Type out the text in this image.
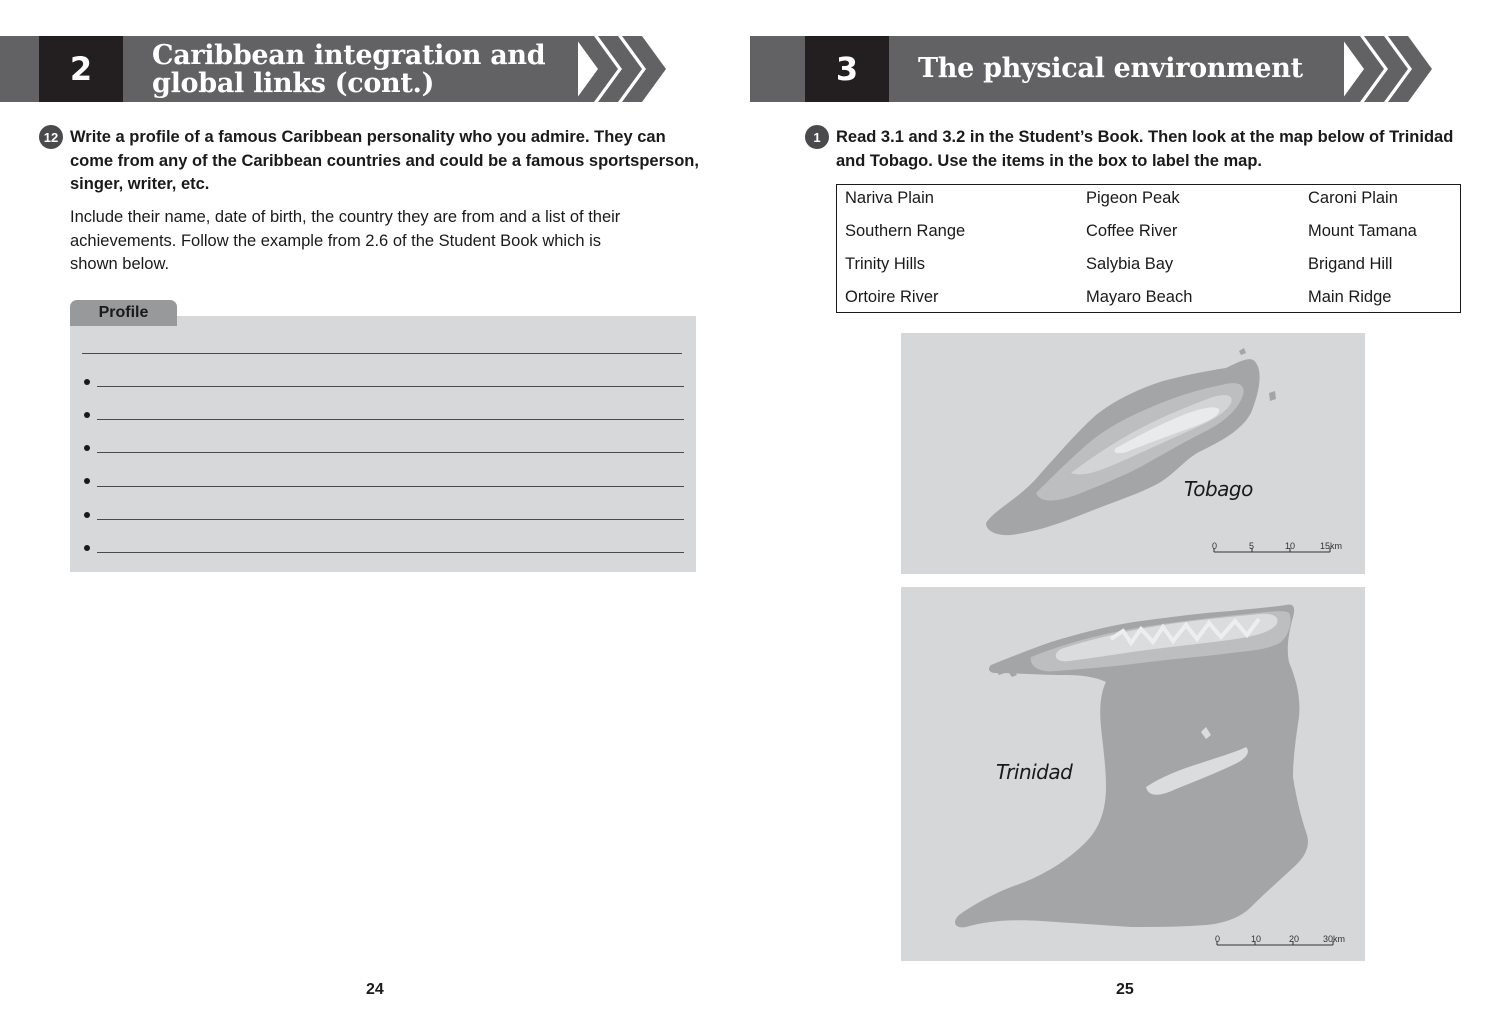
2	Caribbean integration and
global links (cont.)
12 Write a profile of a famous Caribbean personality who you admire. They can
come from any of the Caribbean countries and could be a famous sportsperson,
singer, writer, etc.
Include their name, date of birth, the country they are from and a list of their
achievements. Follow the example from 2.6 of the Student Book which is
shown below.
Profile
24
3	The physical environment
1 Read 3.1 and 3.2 in the Student’s Book. Then look at the map below of Trinidad
and Tobago. Use the items in the box to label the map.
Nariva Plain	Pigeon Peak	Caroni Plain
Southern Range	Coffee River	Mount Tamana
Trinity Hills	Salybia Bay	Brigand Hill
Ortoire River	Mayaro Beach	Main Ridge
Tobago
0	5	10	15km
Trinidad
0	10	20	30km
25
